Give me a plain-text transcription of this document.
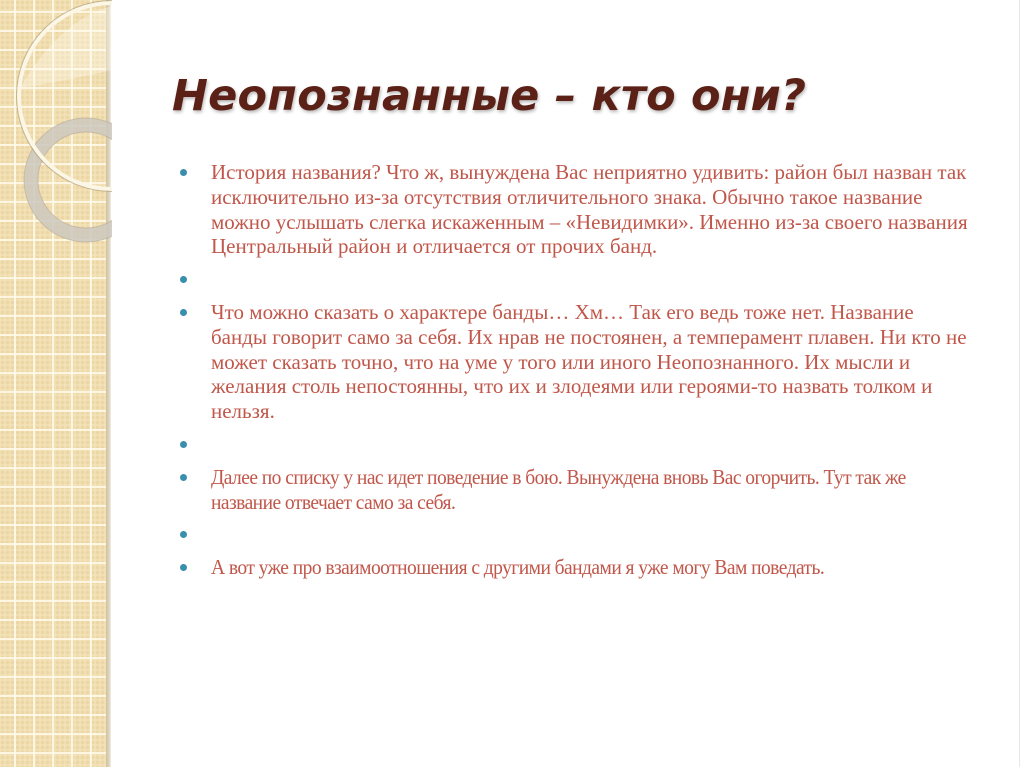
Неопознанные – кто они?
История названия? Что ж, вынуждена Вас неприятно удивить: район был назван так исключительно из-за отсутствия отличительного знака. Обычно такое название можно услышать слегка искаженным – «Невидимки». Именно из-за своего названия Центральный район и отличается от прочих банд.
Что можно сказать о характере банды… Хм… Так его ведь тоже нет. Название банды говорит само за себя. Их нрав не постоянен, а темперамент плавен. Ни кто не может сказать точно, что на уме у того или иного Неопознанного. Их мысли и желания столь непостоянны, что их и злодеями или героями-то назвать толком и нельзя.
Далее по списку у нас идет поведение в бою. Вынуждена вновь Вас огорчить. Тут так же название отвечает само за себя.
А вот уже про взаимоотношения с другими бандами я уже могу Вам поведать.
